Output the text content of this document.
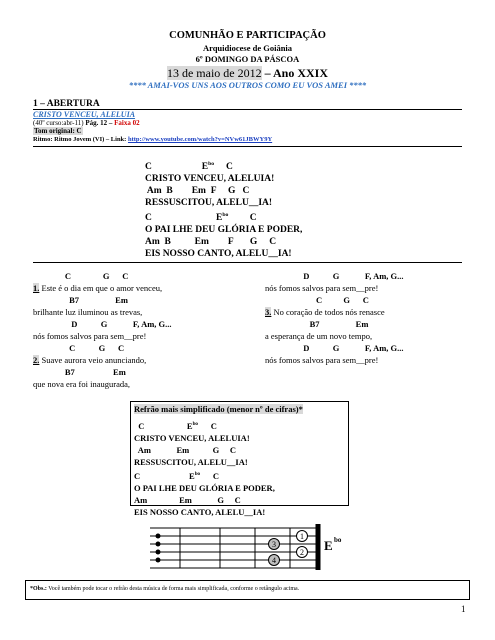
COMUNHÃO E PARTICIPAÇÃO
Arquidiocese de Goiânia
6º DOMINGO DA PÁSCOA
13 de maio de 2012 – Ano XXIX
**** AMAI-VOS UNS AOS OUTROS COMO EU VOS AMEI ****
1 – ABERTURA
CRISTO VENCEU, ALELUIA
(40º curso:abr-11) Pág. 12 – Faixa 02
Tom original: C
Ritmo: Ritmo Jovem (VI) – Link: http://www.youtube.com/watch?v=NVw61JBWY9Y
C                     $E^{bo}$     C
CRISTO VENCEU, ALELUIA!
Am  B        Em  F     G   C
RESSUSCITOU, ALELU__IA!
C                           $E^{bo}$         C
O PAI LHE DEU GLÓRIA E PODER,
Am  B          Em        F       G     C
EIS NOSSO CANTO, ALELU__IA!
C               G      C
1. Este é o dia em que o amor venceu,
B7                 Em
brilhante luz iluminou as trevas,
D           G            F, Am, G...
nós fomos salvos para sem__pre!
C           G      C
2. Suave aurora veio anunciando,
B7                  Em
que nova era foi inaugurada,
D           G            F, Am, G...
nós fomos salvos para sem__pre!
C          G      C
3. No coração de todos nós renasce
B7                 Em
a esperança de um novo tempo,
D           G            F, Am, G...
nós fomos salvos para sem__pre!
Refrão mais simplificado (menor nº de cifras)*
C                    $E^{bo}$      C
CRISTO VENCEU, ALELUIA!
Am            Em           G     C
RESSUSCITOU, ALELU__IA!
C                       $E^{bo}$      C
O PAI LHE DEU GLÓRIA E PODER,
Am               Em            G     C
EIS NOSSO CANTO, ALELU__IA!
1
2
3
4
E bo
*Obs.: Você também pode tocar o refrão desta música de forma mais simplificada, conforme o retângulo acima.
1
